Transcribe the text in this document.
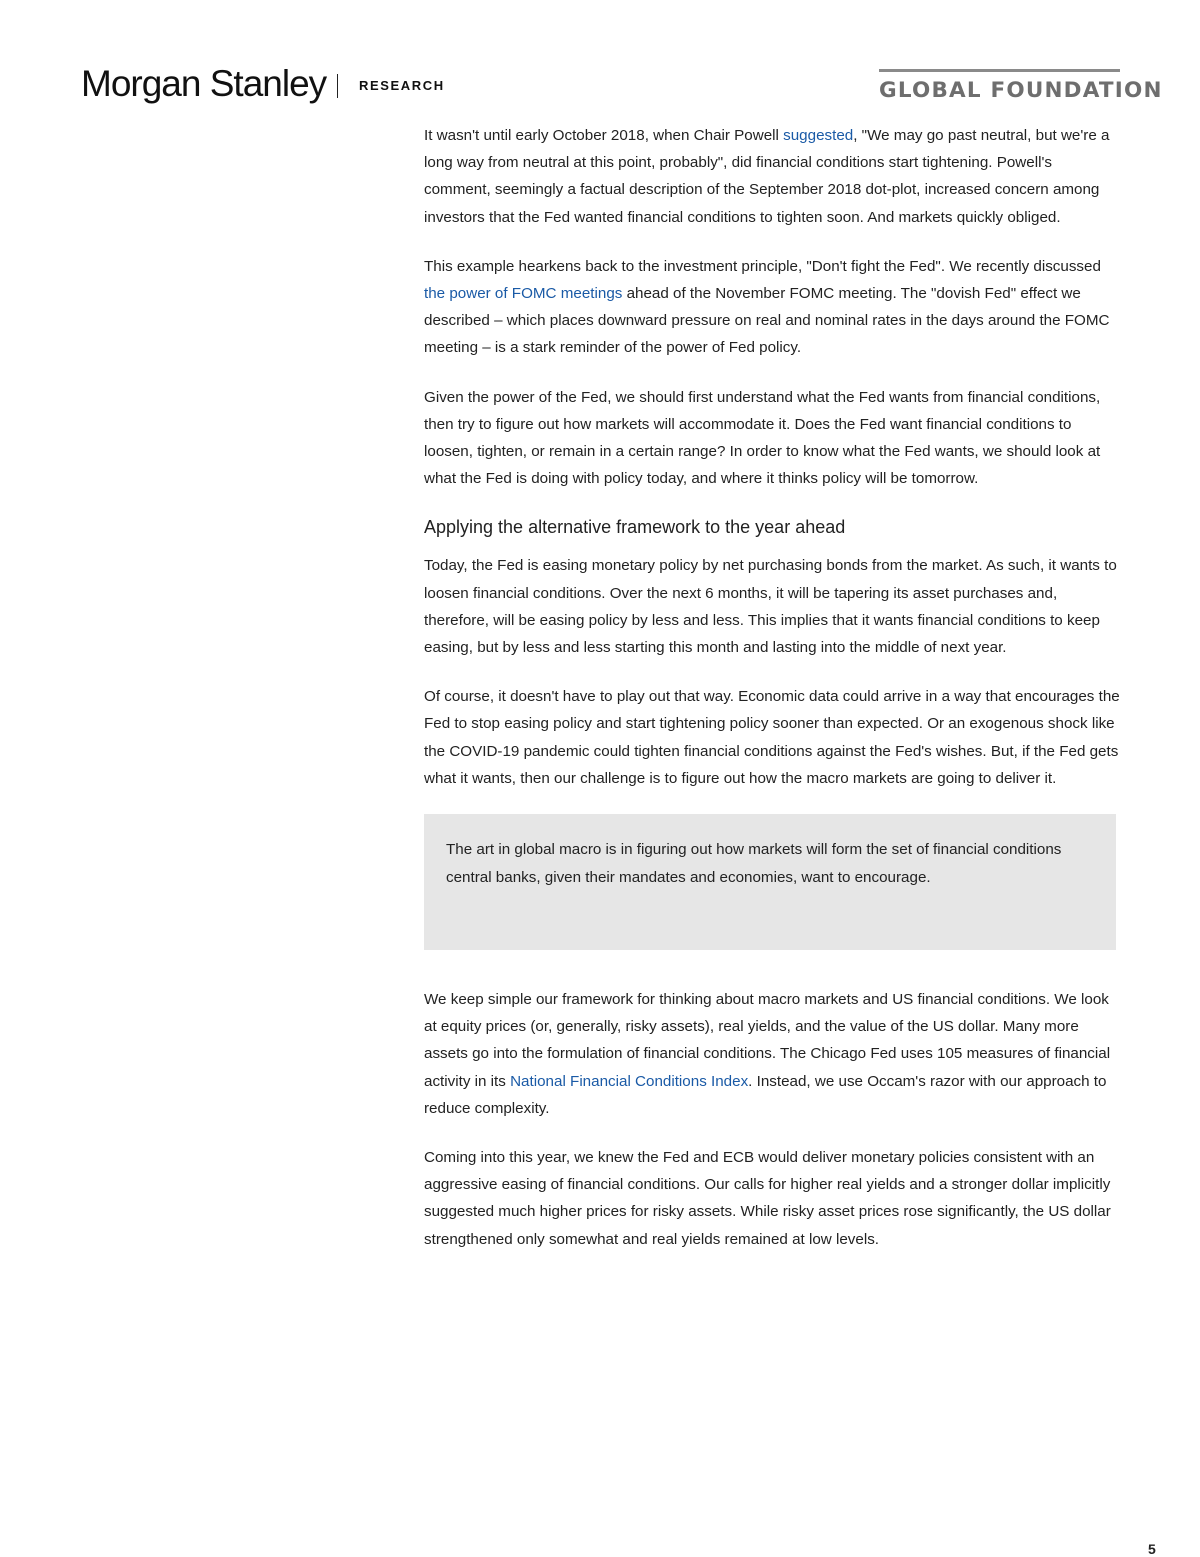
Morgan Stanley	RESEARCH	GLOBAL FOUNDATION

It wasn't until early October 2018, when Chair Powell suggested, "We may go past neutral, but we're a long way from neutral at this point, probably", did financial conditions start tightening. Powell's comment, seemingly a factual description of the September 2018 dot-plot, increased concern among investors that the Fed wanted financial conditions to tighten soon. And markets quickly obliged.

This example hearkens back to the investment principle, "Don't fight the Fed". We recently discussed the power of FOMC meetings ahead of the November FOMC meeting. The "dovish Fed" effect we described – which places downward pressure on real and nominal rates in the days around the FOMC meeting – is a stark reminder of the power of Fed policy.

Given the power of the Fed, we should first understand what the Fed wants from financial conditions, then try to figure out how markets will accommodate it. Does the Fed want financial conditions to loosen, tighten, or remain in a certain range? In order to know what the Fed wants, we should look at what the Fed is doing with policy today, and where it thinks policy will be tomorrow.

Applying the alternative framework to the year ahead

Today, the Fed is easing monetary policy by net purchasing bonds from the market. As such, it wants to loosen financial conditions. Over the next 6 months, it will be tapering its asset purchases and, therefore, will be easing policy by less and less. This implies that it wants financial conditions to keep easing, but by less and less starting this month and lasting into the middle of next year.

Of course, it doesn't have to play out that way. Economic data could arrive in a way that encourages the Fed to stop easing policy and start tightening policy sooner than expected. Or an exogenous shock like the COVID-19 pandemic could tighten financial conditions against the Fed's wishes. But, if the Fed gets what it wants, then our challenge is to figure out how the macro markets are going to deliver it.

The art in global macro is in figuring out how markets will form the set of financial conditions central banks, given their mandates and economies, want to encourage.

We keep simple our framework for thinking about macro markets and US financial conditions. We look at equity prices (or, generally, risky assets), real yields, and the value of the US dollar. Many more assets go into the formulation of financial conditions. The Chicago Fed uses 105 measures of financial activity in its National Financial Conditions Index. Instead, we use Occam's razor with our approach to reduce complexity.

Coming into this year, we knew the Fed and ECB would deliver monetary policies consistent with an aggressive easing of financial conditions. Our calls for higher real yields and a stronger dollar implicitly suggested much higher prices for risky assets. While risky asset prices rose significantly, the US dollar strengthened only somewhat and real yields remained at low levels.

5
